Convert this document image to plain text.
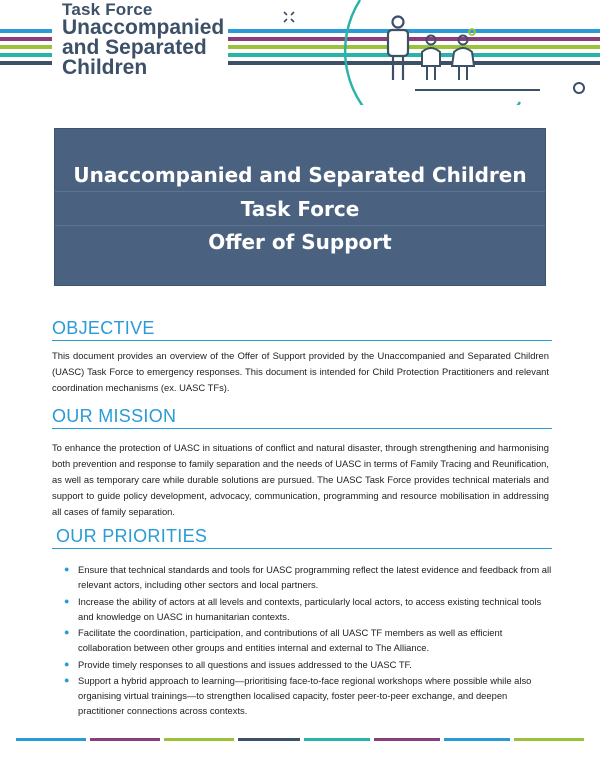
Task Force
Unaccompanied
and Separated
Children
Unaccompanied and Separated Children
Task Force
Offer of Support
OBJECTIVE
This document provides an overview of the Offer of Support provided by the Unaccompanied and Separated Children (UASC) Task Force to emergency responses. This document is intended for Child Protection Practitioners and relevant coordination mechanisms (ex. UASC TFs).
OUR MISSION
To enhance the protection of UASC in situations of conflict and natural disaster, through strengthening and harmonising both prevention and response to family separation and the needs of UASC in terms of Family Tracing and Reunification, as well as temporary care while durable solutions are pursued. The UASC Task Force provides technical materials and support to guide policy development, advocacy, communication, programming and resource mobilisation in addressing all cases of family separation.
OUR PRIORITIES
● Ensure that technical standards and tools for UASC programming reflect the latest evidence and feedback from all relevant actors, including other sectors and local partners.
● Increase the ability of actors at all levels and contexts, particularly local actors, to access existing technical tools and knowledge on UASC in humanitarian contexts.
● Facilitate the coordination, participation, and contributions of all UASC TF members as well as efficient collaboration between other groups and entities internal and external to The Alliance.
● Provide timely responses to all questions and issues addressed to the UASC TF.
● Support a hybrid approach to learning—prioritising face-to-face regional workshops where possible while also organising virtual trainings—to strengthen localised capacity, foster peer-to-peer exchange, and deepen practitioner connections across contexts.
